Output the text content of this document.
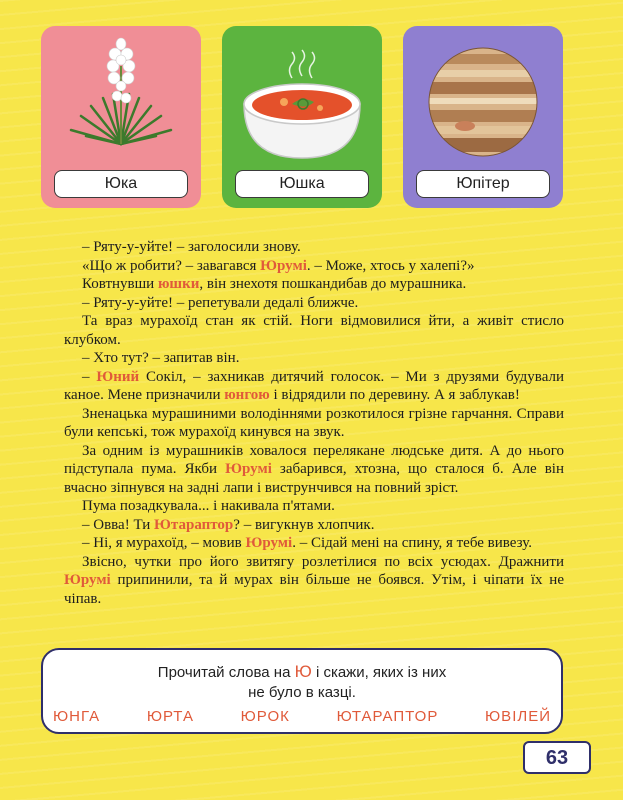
Юка	Юшка	Юпітер

– Ряту-у-уйте! – заголосили знову.

«Що ж робити? – завагався Юрумі. – Може, хтось у халепі?»

Ковтнувши юшки, він знехотя пошкандибав до мурашника.

– Ряту-у-уйте! – репетували дедалі ближче.

Та враз мурахоїд стан як стій. Ноги відмовилися йти, а живіт стисло клубком.

– Хто тут? – запитав він.

– Юний Сокіл, – захникав дитячий голосок. – Ми з друзями будували каное. Мене призначили юнгою і відрядили по деревину. А я заблукав!

Зненацька мурашиними володіннями розкотилося грізне гарчання. Справи були кепські, тож мурахоїд кинувся на звук.

За одним із мурашників ховалося перелякане людське дитя. А до нього підступала пума. Якби Юрумі забарився, хтозна, що сталося б. Але він вчасно зіпнувся на задні лапи і виструнчився на повний зріст.

Пума позадкувала... і накивала п'ятами.

– Овва! Ти Ютараптор? – вигукнув хлопчик.

– Ні, я мурахоїд, – мовив Юрумі. – Сідай мені на спину, я тебе вивезу.

Звісно, чутки про його звитягу розлетілися по всіх усюдах. Дражнити Юрумі припинили, та й мурах він більше не боявся. Утім, і чіпати їх не чіпав.

Прочитай слова на Ю і скажи, яких із них
не було в казці.
ЮНГА	ЮРТА	ЮРОК	ЮТАРАПТОР	ЮВІЛЕЙ
63
